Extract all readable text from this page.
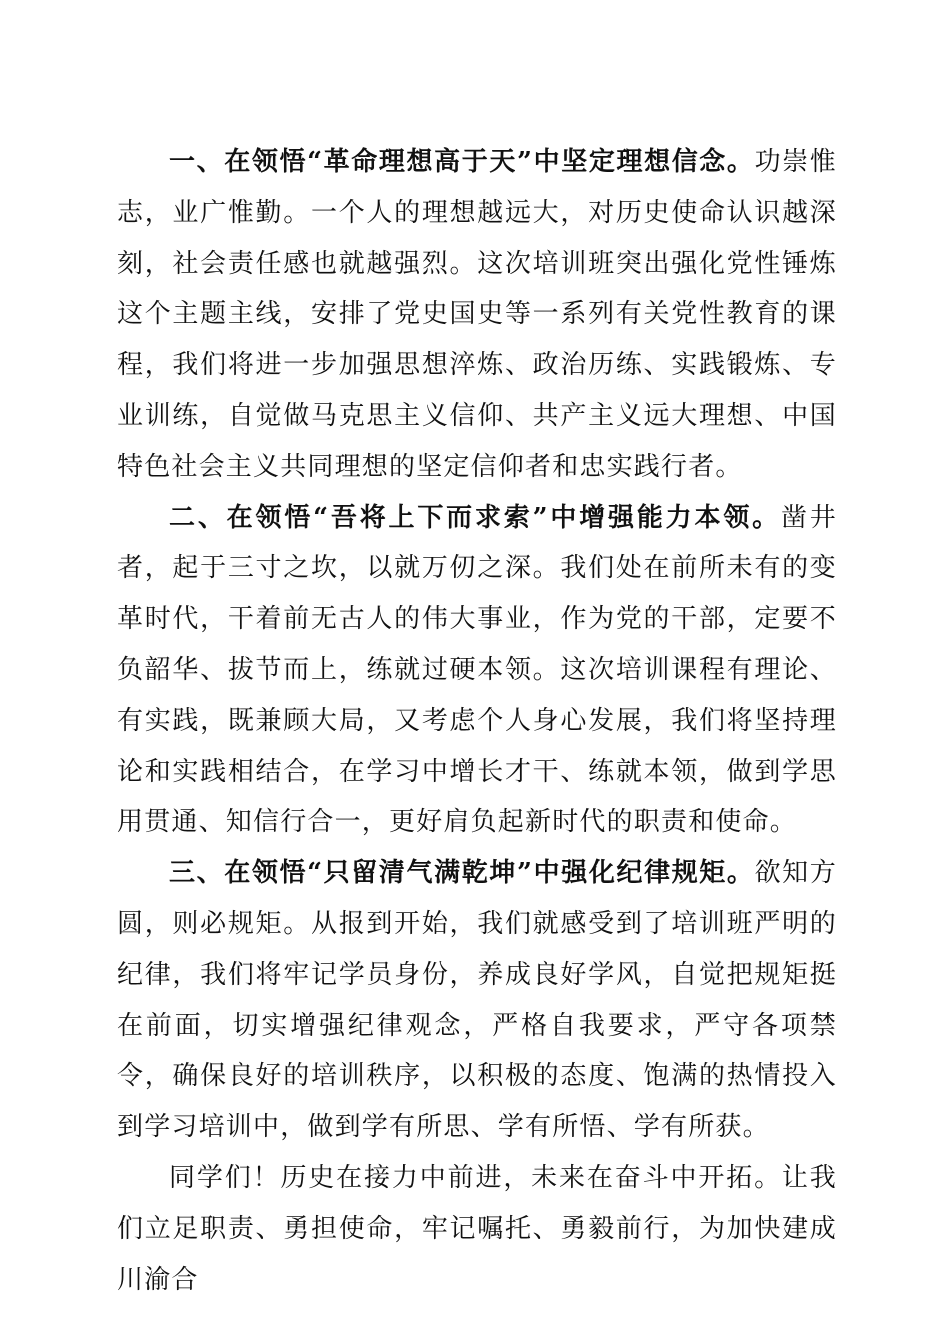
一、在领悟“革命理想高于天”中坚定理想信念。功崇惟志，业广惟勤。一个人的理想越远大，对历史使命认识越深刻，社会责任感也就越强烈。这次培训班突出强化党性锤炼这个主题主线，安排了党史国史等一系列有关党性教育的课程，我们将进一步加强思想淬炼、政治历练、实践锻炼、专业训练，自觉做马克思主义信仰、共产主义远大理想、中国特色社会主义共同理想的坚定信仰者和忠实践行者。

二、在领悟“吾将上下而求索”中增强能力本领。凿井者，起于三寸之坎，以就万仞之深。我们处在前所未有的变革时代，干着前无古人的伟大事业，作为党的干部，定要不负韶华、拔节而上，练就过硬本领。这次培训课程有理论、有实践，既兼顾大局，又考虑个人身心发展，我们将坚持理论和实践相结合，在学习中增长才干、练就本领，做到学思用贯通、知信行合一，更好肩负起新时代的职责和使命。

三、在领悟“只留清气满乾坤”中强化纪律规矩。欲知方圆，则必规矩。从报到开始，我们就感受到了培训班严明的纪律，我们将牢记学员身份，养成良好学风，自觉把规矩挺在前面，切实增强纪律观念，严格自我要求，严守各项禁令，确保良好的培训秩序，以积极的态度、饱满的热情投入到学习培训中，做到学有所思、学有所悟、学有所获。

同学们！历史在接力中前进，未来在奋斗中开拓。让我们立足职责、勇担使命，牢记嘱托、勇毅前行，为加快建成川渝合
